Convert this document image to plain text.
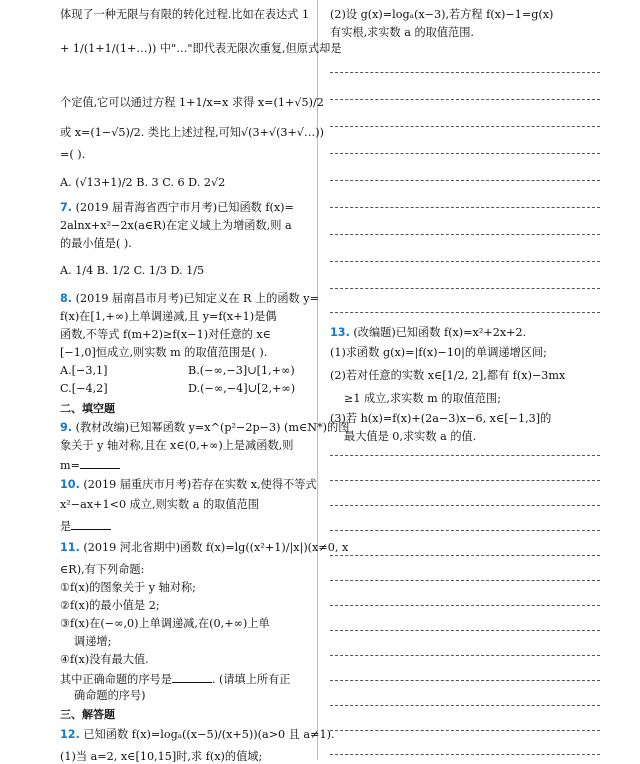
体现了一种无限与有限的转化过程.比如在表达式 1
+ 1/(1+1/(1+…)) 中"…"即代表无限次重复,但原式却是
个定值,它可以通过方程 1+1/x=x 求得 x=(1+√5)/2
或 x=(1−√5)/2. 类比上述过程,可知√(3+√(3+√…))
=( ).
A. (√13+1)/2 B. 3 C. 6 D. 2√2
7. (2019 届青海省西宁市月考)已知函数 f(x)=
2alnx+x²−2x(a∈R)在定义域上为增函数,则 a
的最小值是( ).
A. 1/4 B. 1/2 C. 1/3 D. 1/5
8. (2019 届南昌市月考)已知定义在 R 上的函数 y=
f(x)在[1,+∞)上单调递减,且 y=f(x+1)是偶
函数,不等式 f(m+2)≥f(x−1)对任意的 x∈
[−1,0]恒成立,则实数 m 的取值范围是( ).
A.[−3,1]	B.(−∞,−3]∪[1,+∞)
C.[−4,2]	D.(−∞,−4]∪[2,+∞)
二、填空题
9. (教材改编)已知幂函数 y=x^(p²−2p−3) (m∈N*)的图
象关于 y 轴对称,且在 x∈(0,+∞)上是减函数,则
m=
10. (2019 届重庆市月考)若存在实数 x,使得不等式
x²−ax+1<0 成立,则实数 a 的取值范围
是
11. (2019 河北省期中)函数 f(x)=lg((x²+1)/|x|)(x≠0, x
∈R),有下列命题:
①f(x)的图象关于 y 轴对称;
②f(x)的最小值是 2;
③f(x)在(−∞,0)上单调递减,在(0,+∞)上单
调递增;
④f(x)没有最大值.
其中正确命题的序号是	. (请填上所有正
确命题的序号)
三、解答题
12. 已知函数 f(x)=logₐ((x−5)/(x+5))(a>0 且 a≠1).
(1)当 a=2, x∈[10,15]时,求 f(x)的值域;
(2)设 g(x)=logₐ(x−3),若方程 f(x)−1=g(x)
有实根,求实数 a 的取值范围.
13. (改编题)已知函数 f(x)=x²+2x+2.
(1)求函数 g(x)=|f(x)−10|的单调递增区间;
(2)若对任意的实数 x∈[1/2, 2],都有 f(x)−3mx
≥1 成立,求实数 m 的取值范围;
(3)若 h(x)=f(x)+(2a−3)x−6, x∈[−1,3]的
最大值是 0,求实数 a 的值.
